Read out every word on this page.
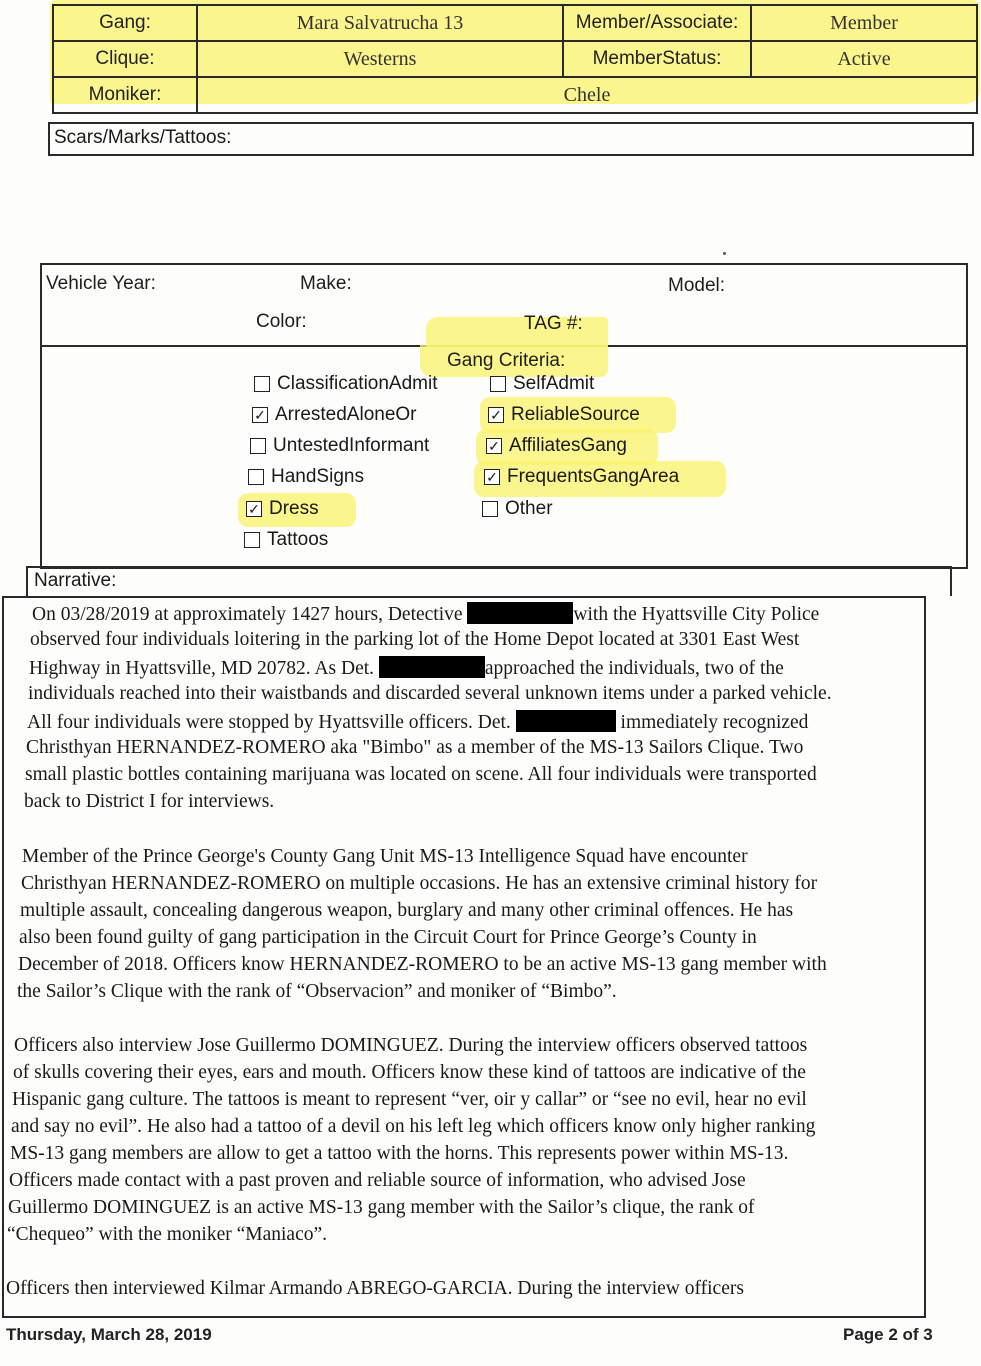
Gang:	Mara Salvatrucha 13	Member/Associate:	Member
Clique:	Westerns	MemberStatus:	Active
Moniker:	Chele		
Scars/Marks/Tattoos:
Vehicle Year:	Make:	Model:
Color:	TAG #:
Gang Criteria:
ClassificationAdmit
✓ ArrestedAloneOr
UntestedInformant
HandSigns
✓ Dress
Tattoos
SelfAdmit
✓ ReliableSource
✓ AffiliatesGang
✓ FrequentsGangArea
Other
Narrative:
On 03/28/2019 at approximately 1427 hours, Detective	with the Hyattsville City Police
observed four individuals loitering in the parking lot of the Home Depot located at 3301 East West
Highway in Hyattsville, MD 20782. As Det.	approached the individuals, two of the
individuals reached into their waistbands and discarded several unknown items under a parked vehicle.
All four individuals were stopped by Hyattsville officers. Det.	immediately recognized
Christhyan HERNANDEZ-ROMERO aka "Bimbo" as a member of the MS-13 Sailors Clique. Two
small plastic bottles containing marijuana was located on scene. All four individuals were transported
back to District I for interviews.
Member of the Prince George's County Gang Unit MS-13 Intelligence Squad have encounter
Christhyan HERNANDEZ-ROMERO on multiple occasions. He has an extensive criminal history for
multiple assault, concealing dangerous weapon, burglary and many other criminal offences. He has
also been found guilty of gang participation in the Circuit Court for Prince George’s County in
December of 2018. Officers know HERNANDEZ-ROMERO to be an active MS-13 gang member with
the Sailor’s Clique with the rank of “Observacion” and moniker of “Bimbo”.
Officers also interview Jose Guillermo DOMINGUEZ. During the interview officers observed tattoos
of skulls covering their eyes, ears and mouth. Officers know these kind of tattoos are indicative of the
Hispanic gang culture. The tattoos is meant to represent “ver, oir y callar” or “see no evil, hear no evil
and say no evil”. He also had a tattoo of a devil on his left leg which officers know only higher ranking
MS-13 gang members are allow to get a tattoo with the horns. This represents power within MS-13.
Officers made contact with a past proven and reliable source of information, who advised Jose
Guillermo DOMINGUEZ is an active MS-13 gang member with the Sailor’s clique, the rank of
“Chequeo” with the moniker “Maniaco”.
Officers then interviewed Kilmar Armando ABREGO-GARCIA. During the interview officers
Thursday, March 28, 2019	Page 2 of 3
